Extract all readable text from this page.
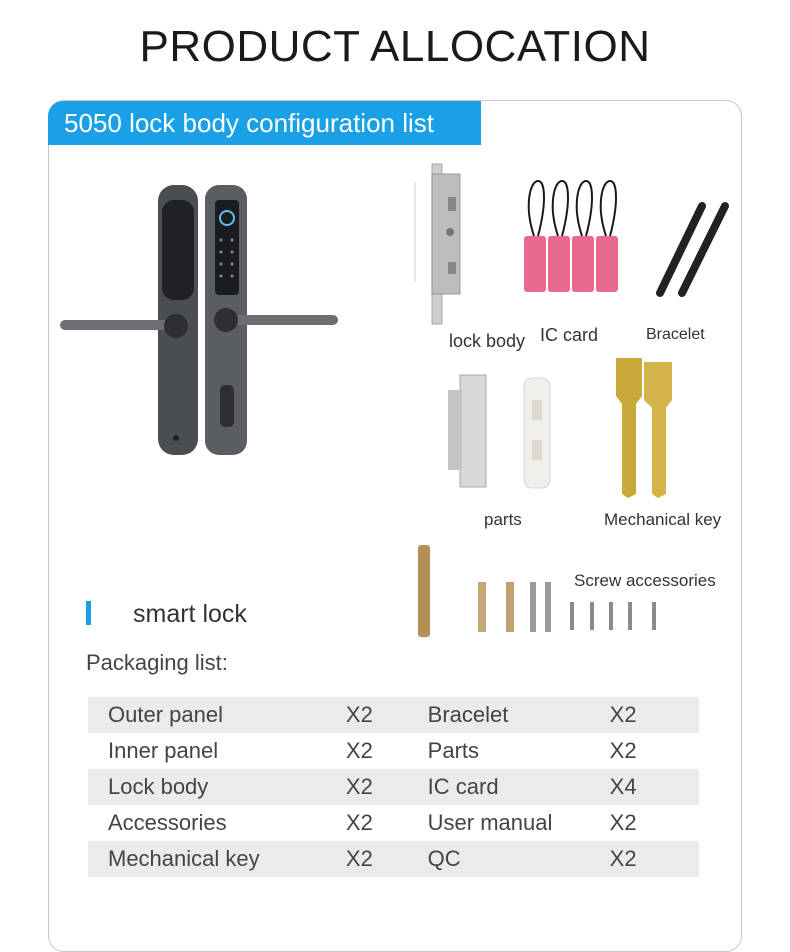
PRODUCT ALLOCATION
5050 lock body configuration list
lock body IC card	Bracelet
parts	Mechanical key
Screw accessories
smart lock
Packaging list:
Outer panel	X2	Bracelet	X2
Inner panel	X2	Parts	X2
Lock body	X2	IC card	X4
Accessories	X2	User manual	X2
Mechanical key	X2	QC	X2
